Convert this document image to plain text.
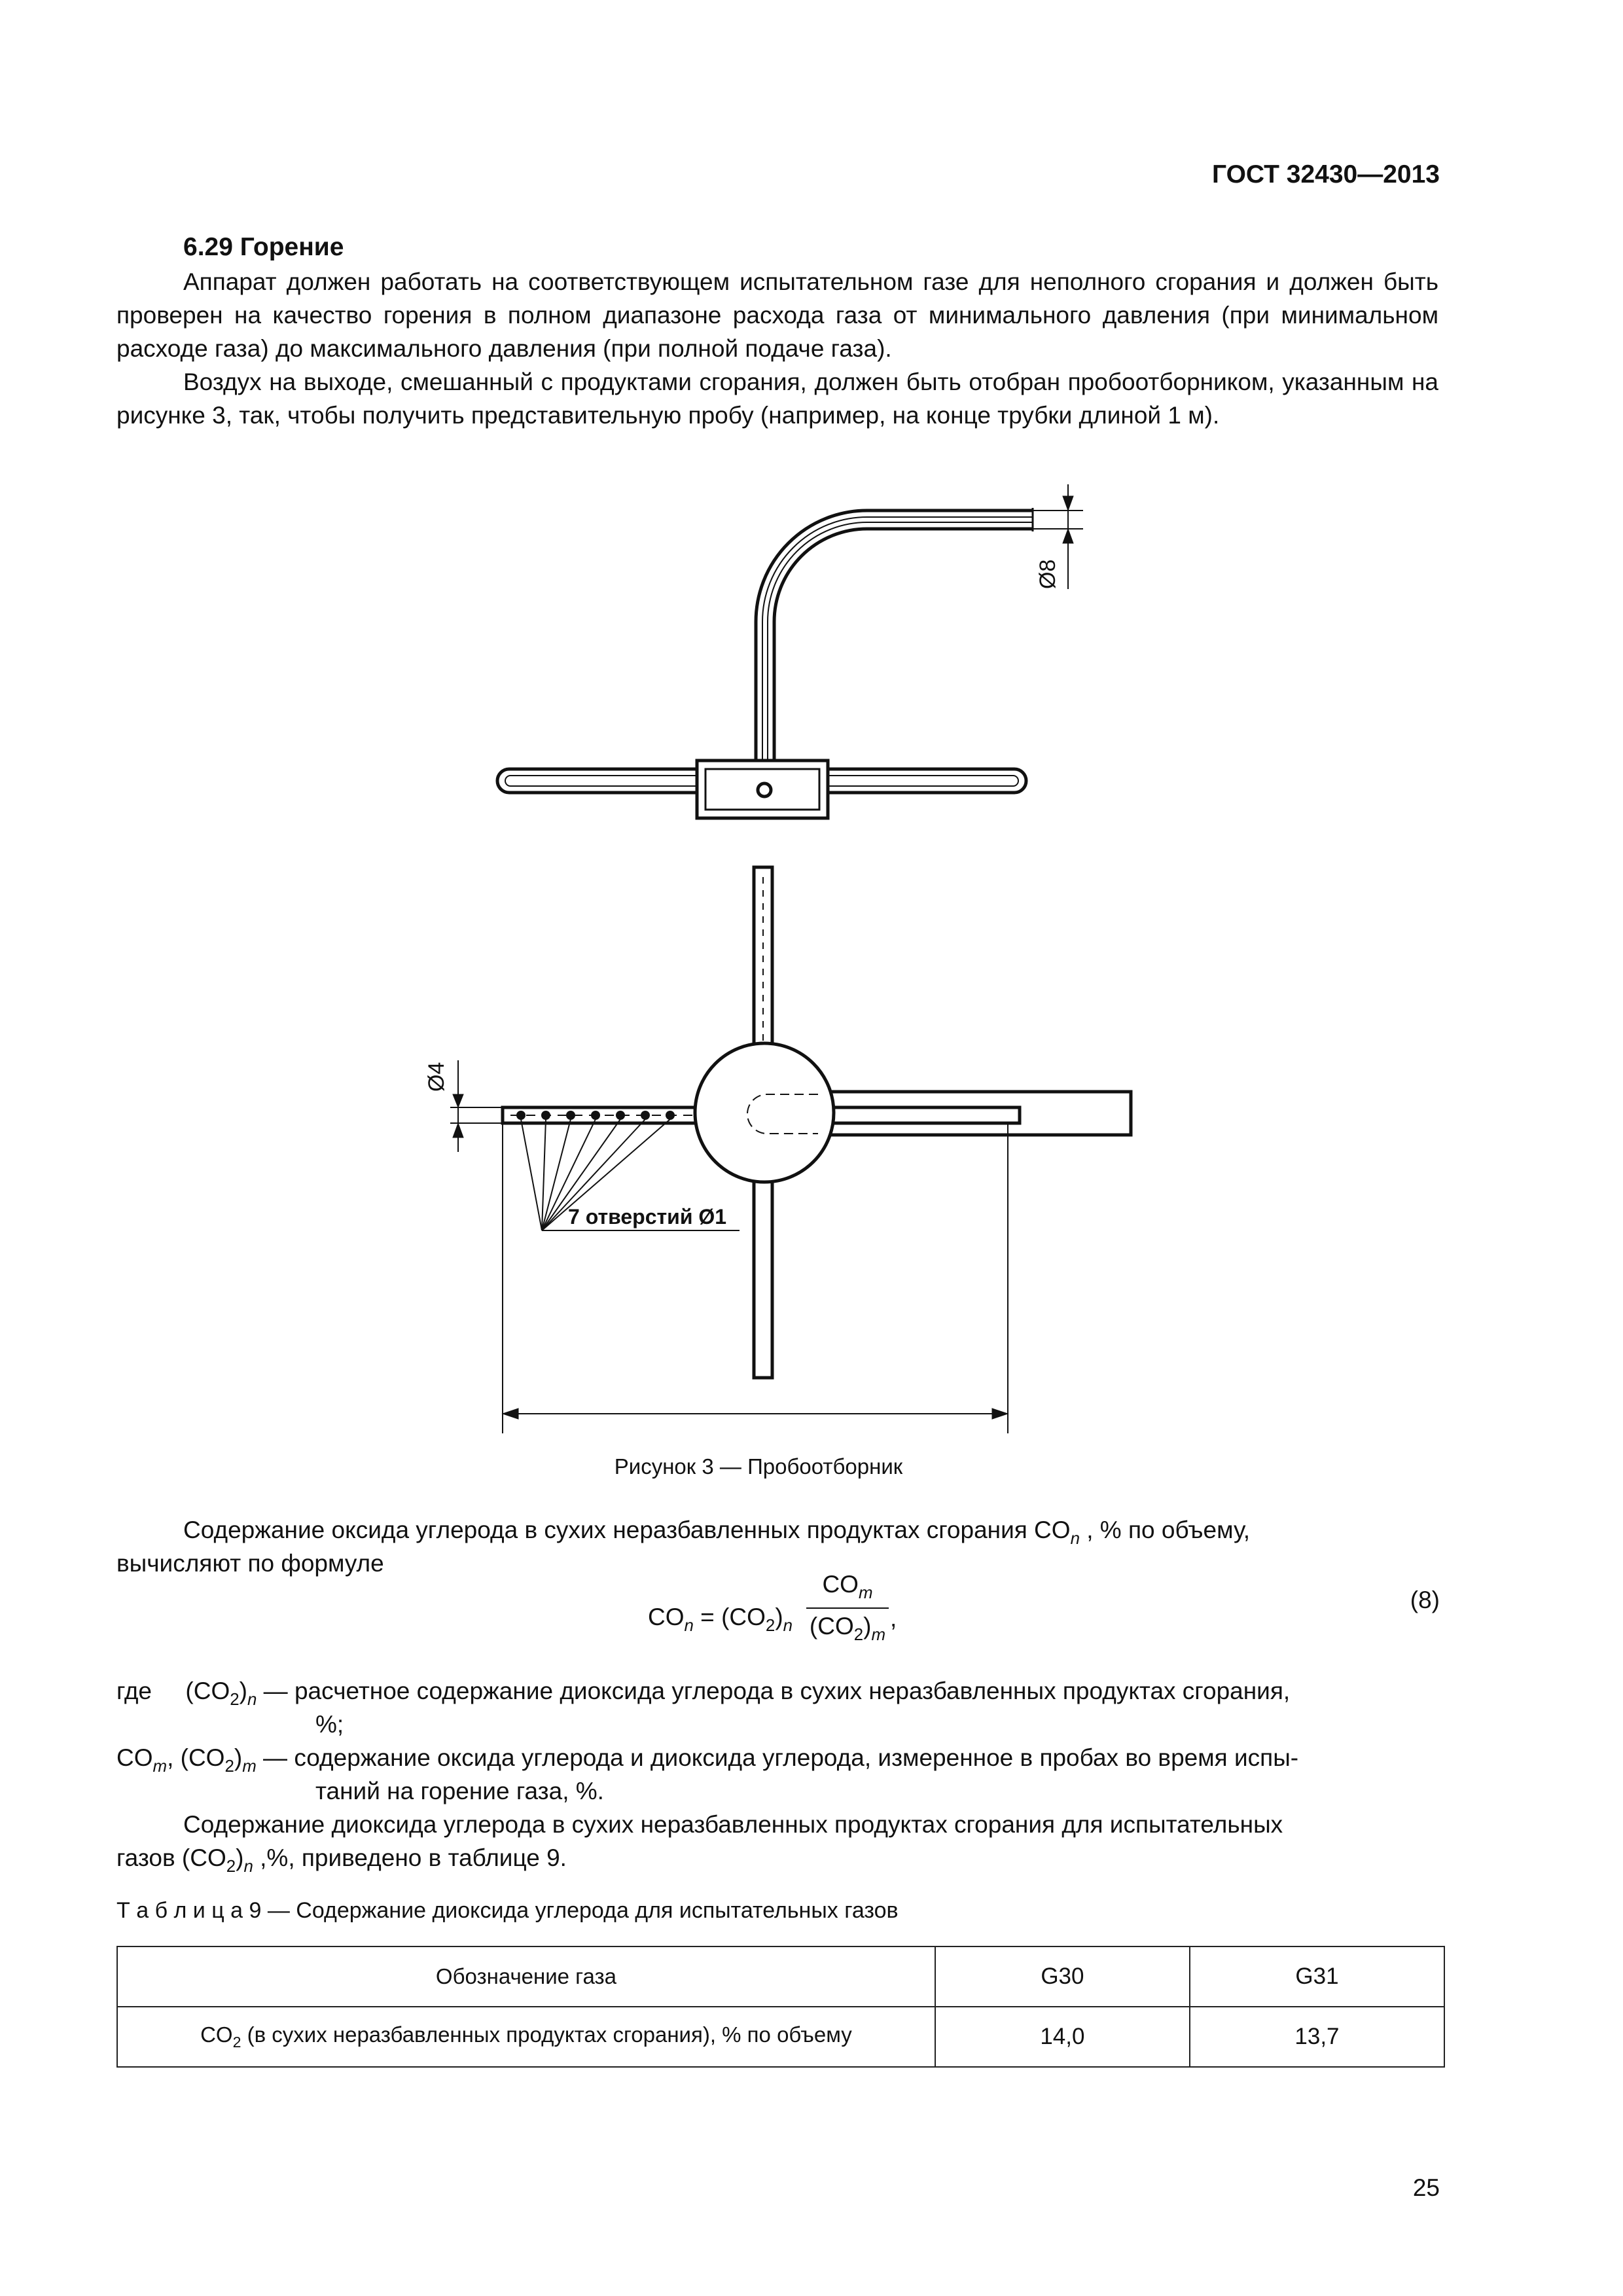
ГОСТ 32430—2013
6.29 Горение
Аппарат должен работать на соответствующем испытательном газе для неполного сгорания и должен быть проверен на качество горения в полном диапазоне расхода газа от минимального давления (при минимальном расходе газа) до максимального давления (при полной подаче газа).
Воздух на выходе, смешанный с продуктами сгорания, должен быть отобран пробоотборником, указанным на рисунке 3, так, чтобы получить представительную пробу (например, на конце трубки длиной 1 м).
Ø8
Ø4
7 отверстий Ø1
Рисунок 3 — Пробоотборник
Содержание оксида углерода в сухих неразбавленных продуктах сгорания $CO_n$ , % по объему,
вычисляют по формуле
$CO_n = (CO_2)_n$
$CO_m$
$(CO_2)_m$
,
(8)
где $(CO_2)_n$ — расчетное содержание диоксида углерода в сухих неразбавленных продуктах сгорания,
%;
$CO_m$, $(CO_2)_m$ — содержание оксида углерода и диоксида углерода, измеренное в пробах во время испы-
таний на горение газа, %.
Содержание диоксида углерода в сухих неразбавленных продуктах сгорания для испытательных
газов $(CO_2)_n$ ,%, приведено в таблице 9.
Т а б л и ц а 9 — Содержание диоксида углерода для испытательных газов
Обозначение газа	G30	G31
$CO_2$ (в сухих неразбавленных продуктах сгорания), % по объему	14,0	13,7
25
